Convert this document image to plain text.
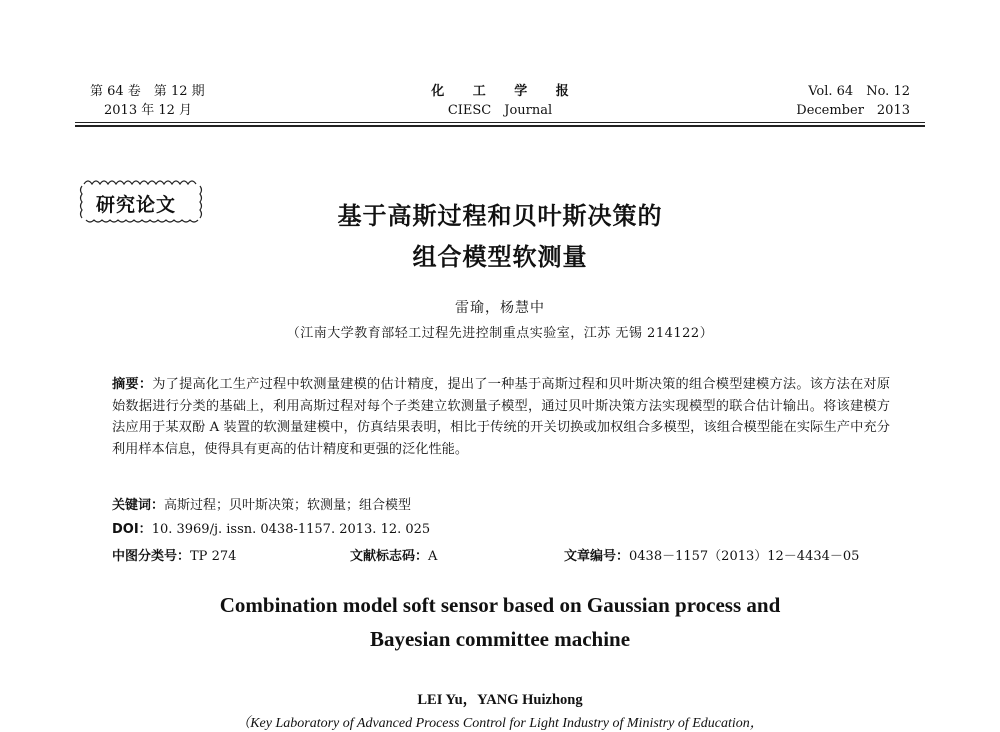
第 64 卷　第 12 期
2013 年 12 月
化 工 学 报
CIESC　Journal
Vol. 64　No. 12
December　2013
研究论文	基于高斯过程和贝叶斯决策的
组合模型软测量
雷瑜，杨慧中
（江南大学教育部轻工过程先进控制重点实验室，江苏 无锡 214122）
摘要：为了提高化工生产过程中软测量建模的估计精度，提出了一种基于高斯过程和贝叶斯决策的组合模型建模方法。该方法在对原始数据进行分类的基础上，利用高斯过程对每个子类建立软测量子模型，通过贝叶斯决策方法实现模型的联合估计输出。将该建模方法应用于某双酚 A 装置的软测量建模中，仿真结果表明，相比于传统的开关切换或加权组合多模型，该组合模型能在实际生产中充分利用样本信息，使得具有更高的估计精度和更强的泛化性能。
关键词：高斯过程；贝叶斯决策；软测量；组合模型
DOI：10. 3969/j. issn. 0438-1157. 2013. 12. 025
中图分类号：TP 274	文献标志码：A	文章编号：0438－1157（2013）12－4434－05
Combination model soft sensor based on Gaussian process and
Bayesian committee machine
LEI Yu，YANG Huizhong
（Key Laboratory of Advanced Process Control for Light Industry of Ministry of Education，
